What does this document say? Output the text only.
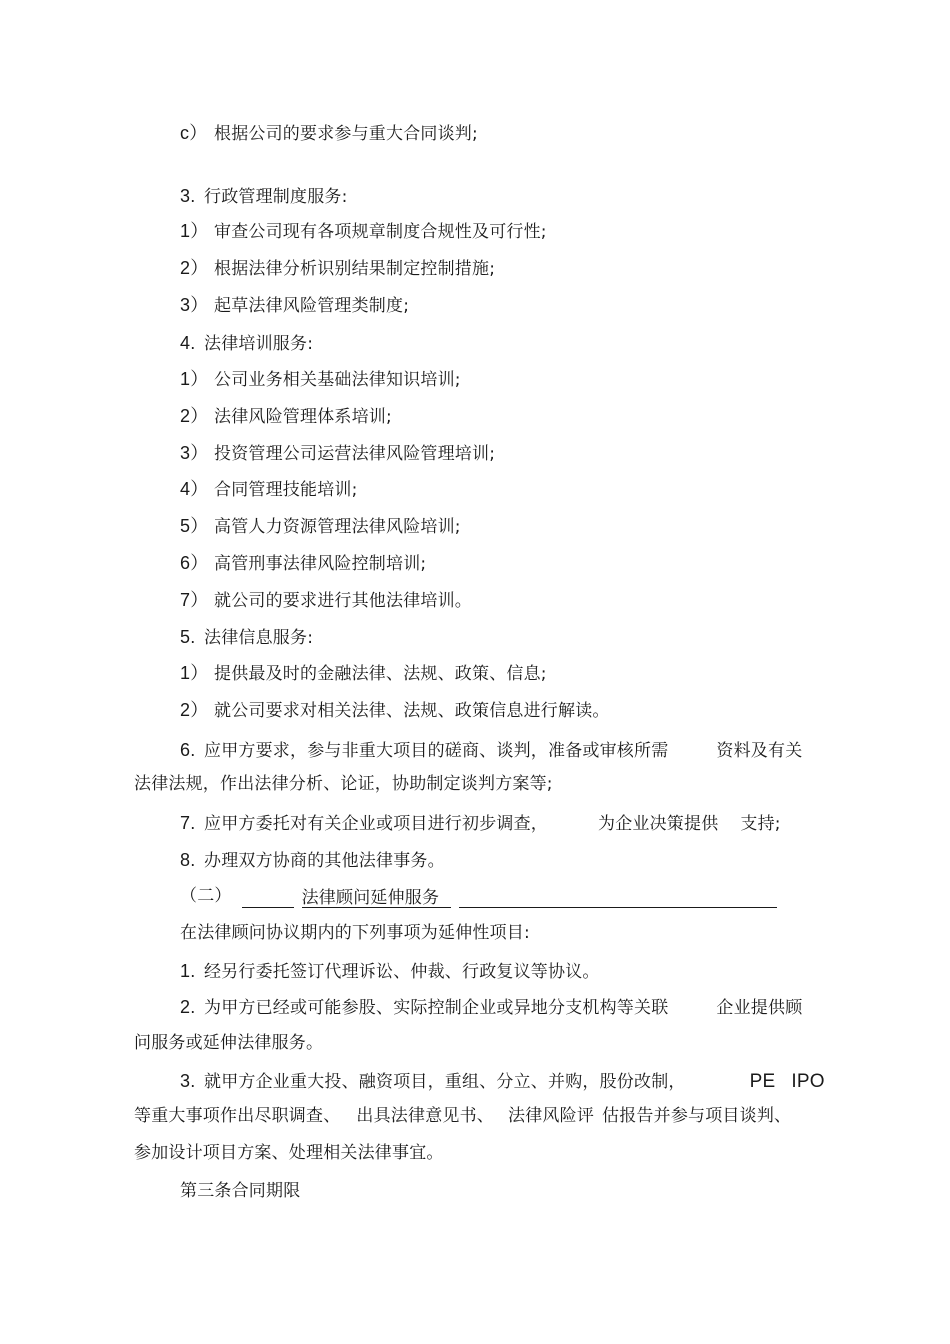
c） 根据公司的要求参与重大合同谈判;
3. 行政管理制度服务:
1） 审查公司现有各项规章制度合规性及可行性;
2） 根据法律分析识别结果制定控制措施;
3） 起草法律风险管理类制度;
4. 法律培训服务:
1） 公司业务相关基础法律知识培训;
2） 法律风险管理体系培训;
3） 投资管理公司运营法律风险管理培训;
4） 合同管理技能培训;
5） 高管人力资源管理法律风险培训;
6） 高管刑事法律风险控制培训;
7） 就公司的要求进行其他法律培训。
5. 法律信息服务:
1） 提供最及时的金融法律、法规、政策、信息;
2） 就公司要求对相关法律、法规、政策信息进行解读。
6. 应甲方要求，参与非重大项目的磋商、谈判，准备或审核所需	资料及有关
法律法规，作出法律分析、论证，协助制定谈判方案等;
7. 应甲方委托对有关企业或项目进行初步调查，	为企业决策提供 支持;
8. 办理双方协商的其他法律事务。
（二）	法律顾问延伸服务
在法律顾问协议期内的下列事项为延伸性项目:
1. 经另行委托签订代理诉讼、仲裁、行政复议等协议。
2. 为甲方已经或可能参股、实际控制企业或异地分支机构等关联	企业提供顾
问服务或延伸法律服务。
3. 就甲方企业重大投、融资项目，重组、分立、并购，股份改制，	PE IPO
等重大事项作出尽职调查、 出具法律意见书、 法律风险评 估报告并参与项目谈判、
参加设计项目方案、处理相关法律事宜。
第三条合同期限
